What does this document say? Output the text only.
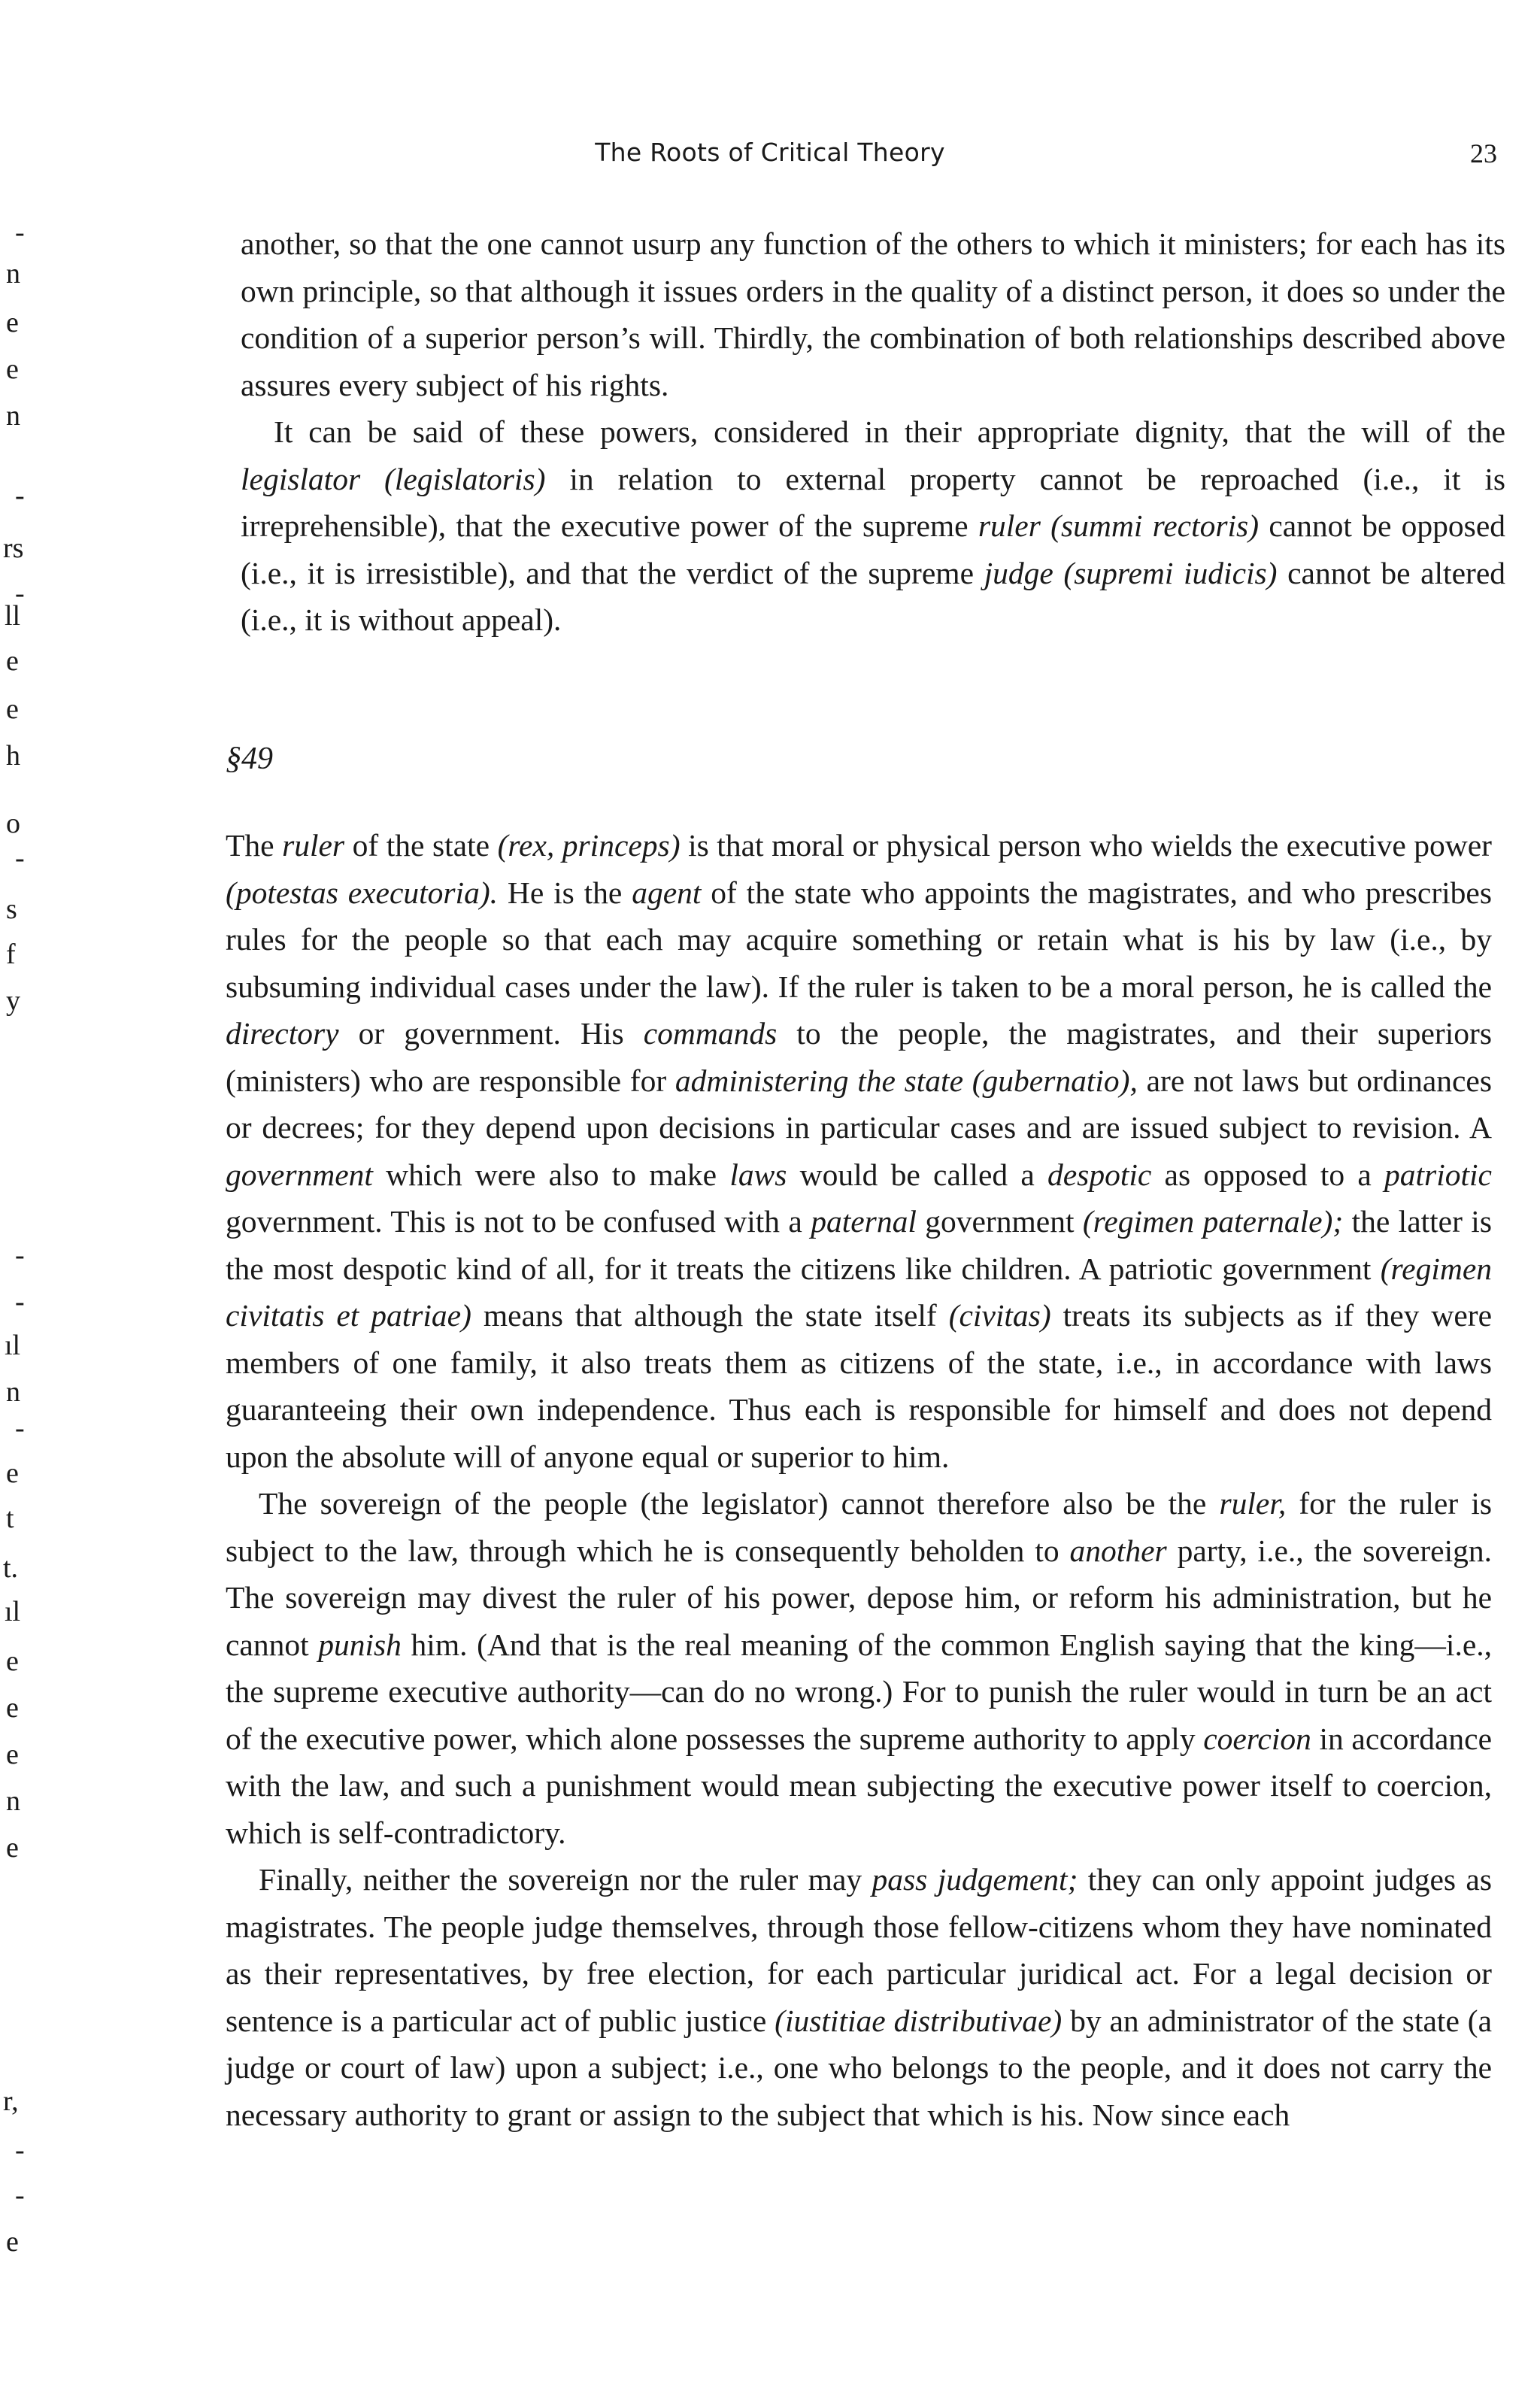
The Roots of Critical Theory	23
-
n
e
e
n
-
rs
-
ll
e
e
h
o
-
s
f
y
-
-
ıl
n
-
e
t
t.
ıl
e
e
e
n
e
r,
-
-
e

another, so that the one cannot usurp any function of the others to which it ministers; for each has its own principle, so that although it issues orders in the quality of a distinct person, it does so under the condition of a superior person’s will. Thirdly, the combination of both relationships described above assures every subject of his rights.

It can be said of these powers, considered in their appropriate dignity, that the will of the legislator (legislatoris) in relation to external property cannot be reproached (i.e., it is irreprehensible), that the executive power of the supreme ruler (summi rectoris) cannot be opposed (i.e., it is irresistible), and that the verdict of the supreme judge (supremi iudicis) cannot be altered (i.e., it is without appeal).

§49

The ruler of the state (rex, princeps) is that moral or physical person who wields the executive power (potestas executoria). He is the agent of the state who appoints the magistrates, and who prescribes rules for the people so that each may acquire something or retain what is his by law (i.e., by subsuming individual cases under the law). If the ruler is taken to be a moral person, he is called the directory or government. His commands to the people, the magistrates, and their superiors (ministers) who are responsible for administering the state (gubernatio), are not laws but ordinances or decrees; for they depend upon decisions in particular cases and are issued subject to revision. A government which were also to make laws would be called a despotic as opposed to a patriotic government. This is not to be confused with a paternal government (regimen paternale); the latter is the most despotic kind of all, for it treats the citizens like children. A patriotic government (regimen civitatis et patriae) means that although the state itself (civitas) treats its subjects as if they were members of one family, it also treats them as citizens of the state, i.e., in accordance with laws guaranteeing their own independence. Thus each is responsible for himself and does not depend upon the absolute will of anyone equal or superior to him.

The sovereign of the people (the legislator) cannot therefore also be the ruler, for the ruler is subject to the law, through which he is consequently beholden to another party, i.e., the sovereign. The sovereign may divest the ruler of his power, depose him, or reform his administration, but he cannot punish him. (And that is the real meaning of the common English saying that the king—i.e., the supreme executive authority—can do no wrong.) For to punish the ruler would in turn be an act of the executive power, which alone possesses the supreme authority to apply coercion in accordance with the law, and such a punishment would mean subjecting the executive power itself to coercion, which is self-contradictory.

Finally, neither the sovereign nor the ruler may pass judgement; they can only appoint judges as magistrates. The people judge themselves, through those fellow-citizens whom they have nominated as their representatives, by free election, for each particular juridical act. For a legal decision or sentence is a particular act of public justice (iustitiae distributivae) by an administrator of the state (a judge or court of law) upon a subject; i.e., one who belongs to the people, and it does not carry the necessary authority to grant or assign to the subject that which is his. Now since each
